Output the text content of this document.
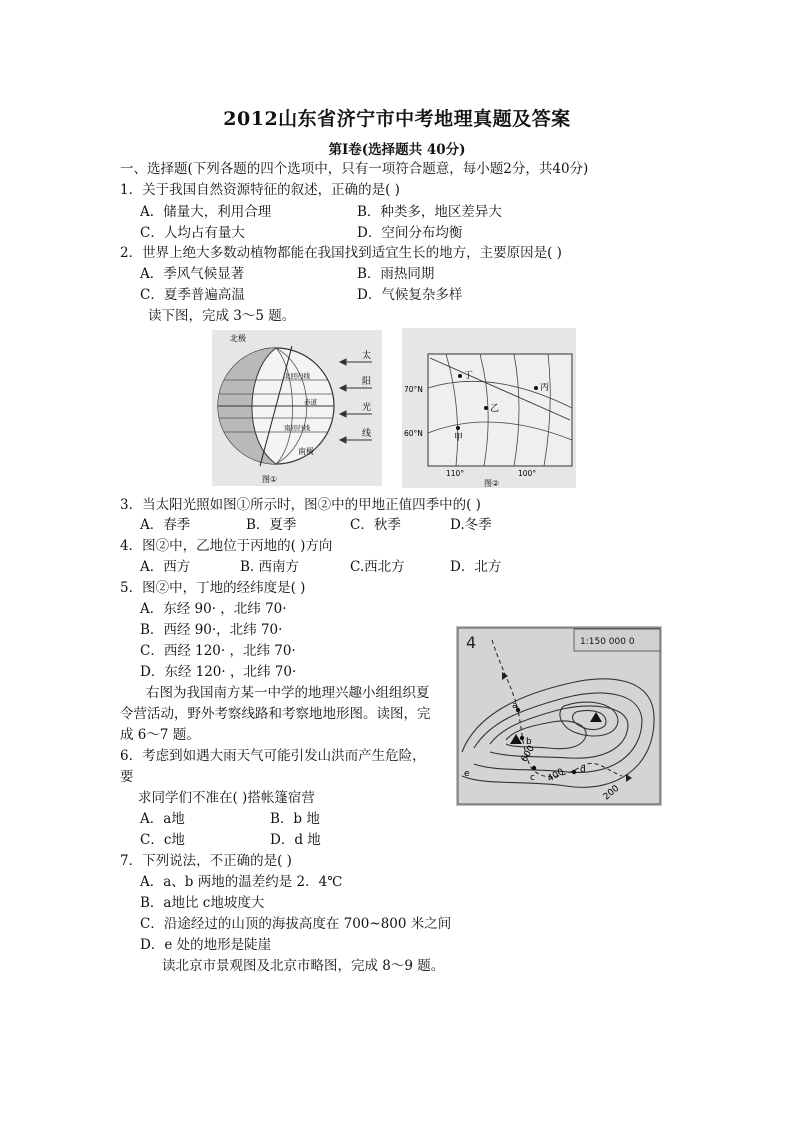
2012山东省济宁市中考地理真题及答案
第Ⅰ卷(选择题共 40分)
一、选择题(下列各题的四个选项中，只有一项符合题意，每小题2分，共40分)
1．关于我国自然资源特征的叙述，正确的是( )
A．储量大，利用合理	B．种类多，地区差异大
C．人均占有量大	D．空间分布均衡
2．世界上绝大多数动植物都能在我国找到适宜生长的地方，主要原因是( )
A．季风气候显著	B．雨热同期
C．夏季普遍高温	D．气候复杂多样
读下图，完成 3～5 题。
北极
南极
北回归线
赤道
南回归线
太
阳
光
线
图①
丁
丙
乙
甲
70°N
60°N
110°	100°
图②
3．当太阳光照如图①所示时，图②中的甲地正值四季中的( )
A．春季	B．夏季	C．秋季	D.冬季
4．图②中，乙地位于丙地的( )方向
A．西方	B. 西南方	C.西北方	D．北方
5．图②中，丁地的经纬度是( )
A．东经 90· ，北纬 70·
B．西经 90·，北纬 70·
C．西经 120· ，北纬 70·
D．东经 120· ，北纬 70·
右图为我国南方某一中学的地理兴趣小组组织夏
令营活动，野外考察线路和考察地地形图。读图，完
成 6～7 题。
1:150 000 0
4
a
b
c
d
e
600
400
200
6．考虑到如遇大雨天气可能引发山洪而产生危险，
要
求同学们不准在( )搭帐篷宿营
A．a地	B．b 地
C．c地	D．d 地
7．下列说法，不正确的是( )
A．a、b 两地的温差约是 2．4℃
B．a地比 c地坡度大
C．沿途经过的山顶的海拔高度在 700~800 米之间
D．e 处的地形是陡崖
读北京市景观图及北京市略图，完成 8～9 题。
